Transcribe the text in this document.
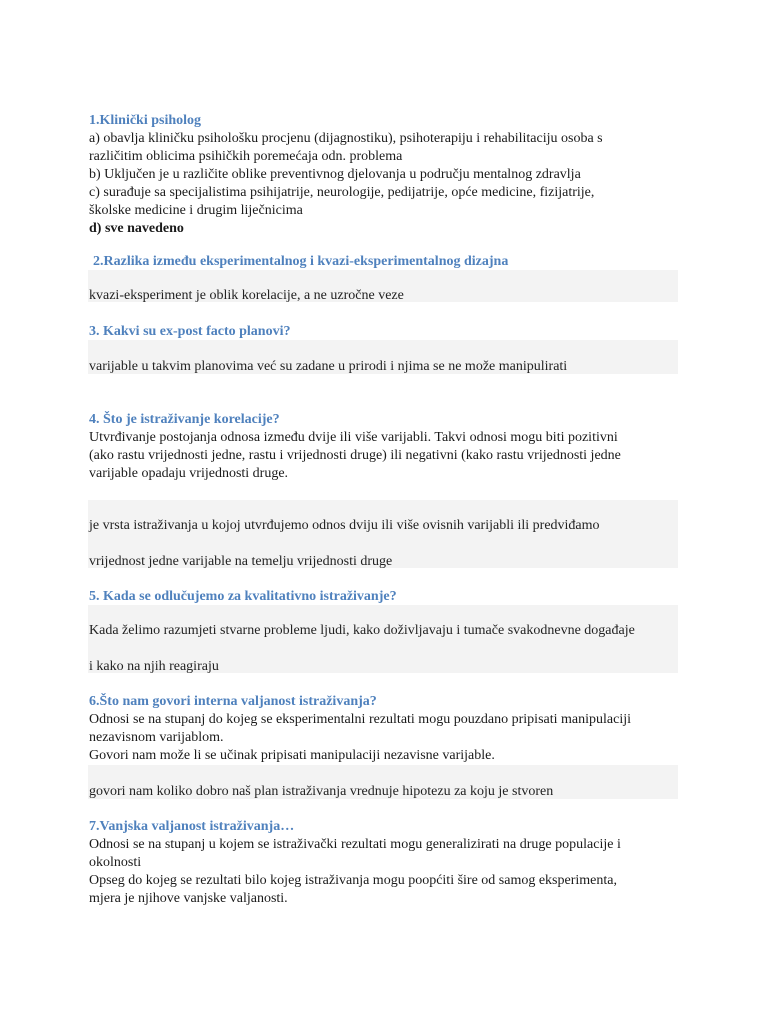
1.Klinički psiholog
a) obavlja kliničku psihološku procjenu (dijagnostiku), psihoterapiju i rehabilitaciju osoba s
različitim oblicima psihičkih poremećaja odn. problema
b) Uključen je u različite oblike preventivnog djelovanja u području mentalnog zdravlja
c) surađuje sa specijalistima psihijatrije, neurologije, pedijatrije, opće medicine, fizijatrije,
školske medicine i drugim liječnicima
d) sve navedeno
2.Razlika između eksperimentalnog i kvazi-eksperimentalnog dizajna
kvazi-eksperiment je oblik korelacije, a ne uzročne veze
3. Kakvi su ex-post facto planovi?
varijable u takvim planovima već su zadane u prirodi i njima se ne može manipulirati
4. Što je istraživanje korelacije?
Utvrđivanje postojanja odnosa između dvije ili više varijabli. Takvi odnosi mogu biti pozitivni
(ako rastu vrijednosti jedne, rastu i vrijednosti druge) ili negativni (kako rastu vrijednosti jedne
varijable opadaju vrijednosti druge.
je vrsta istraživanja u kojoj utvrđujemo odnos dviju ili više ovisnih varijabli ili predviđamo
vrijednost jedne varijable na temelju vrijednosti druge
5. Kada se odlučujemo za kvalitativno istraživanje?
Kada želimo razumjeti stvarne probleme ljudi, kako doživljavaju i tumače svakodnevne događaje
i kako na njih reagiraju
6.Što nam govori interna valjanost istraživanja?
Odnosi se na stupanj do kojeg se eksperimentalni rezultati mogu pouzdano pripisati manipulaciji
nezavisnom varijablom.
Govori nam može li se učinak pripisati manipulaciji nezavisne varijable.
govori nam koliko dobro naš plan istraživanja vrednuje hipotezu za koju je stvoren
7.Vanjska valjanost istraživanja…
Odnosi se na stupanj u kojem se istraživački rezultati mogu generalizirati na druge populacije i
okolnosti
Opseg do kojeg se rezultati bilo kojeg istraživanja mogu poopćiti šire od samog eksperimenta,
mjera je njihove vanjske valjanosti.
